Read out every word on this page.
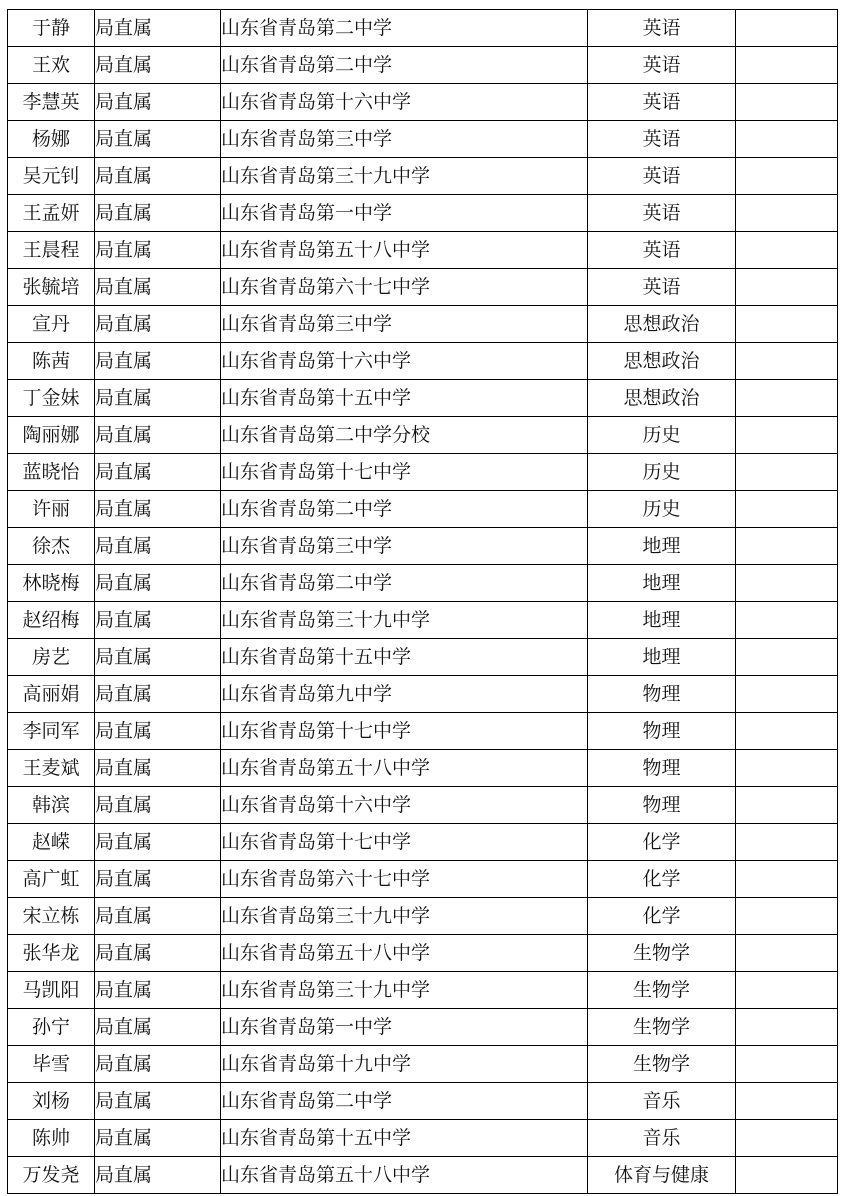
于静	局直属	山东省青岛第二中学	英语	
王欢	局直属	山东省青岛第二中学	英语	
李慧英	局直属	山东省青岛第十六中学	英语	
杨娜	局直属	山东省青岛第三中学	英语	
吴元钊	局直属	山东省青岛第三十九中学	英语	
王孟妍	局直属	山东省青岛第一中学	英语	
王晨程	局直属	山东省青岛第五十八中学	英语	
张毓培	局直属	山东省青岛第六十七中学	英语	
宣丹	局直属	山东省青岛第三中学	思想政治	
陈茜	局直属	山东省青岛第十六中学	思想政治	
丁金妹	局直属	山东省青岛第十五中学	思想政治	
陶丽娜	局直属	山东省青岛第二中学分校	历史	
蓝晓怡	局直属	山东省青岛第十七中学	历史	
许丽	局直属	山东省青岛第二中学	历史	
徐杰	局直属	山东省青岛第三中学	地理	
林晓梅	局直属	山东省青岛第二中学	地理	
赵绍梅	局直属	山东省青岛第三十九中学	地理	
房艺	局直属	山东省青岛第十五中学	地理	
高丽娟	局直属	山东省青岛第九中学	物理	
李同军	局直属	山东省青岛第十七中学	物理	
王麦斌	局直属	山东省青岛第五十八中学	物理	
韩滨	局直属	山东省青岛第十六中学	物理	
赵嵘	局直属	山东省青岛第十七中学	化学	
高广虹	局直属	山东省青岛第六十七中学	化学	
宋立栋	局直属	山东省青岛第三十九中学	化学	
张华龙	局直属	山东省青岛第五十八中学	生物学	
马凯阳	局直属	山东省青岛第三十九中学	生物学	
孙宁	局直属	山东省青岛第一中学	生物学	
毕雪	局直属	山东省青岛第十九中学	生物学	
刘杨	局直属	山东省青岛第二中学	音乐	
陈帅	局直属	山东省青岛第十五中学	音乐	
万发尧	局直属	山东省青岛第五十八中学	体育与健康	
